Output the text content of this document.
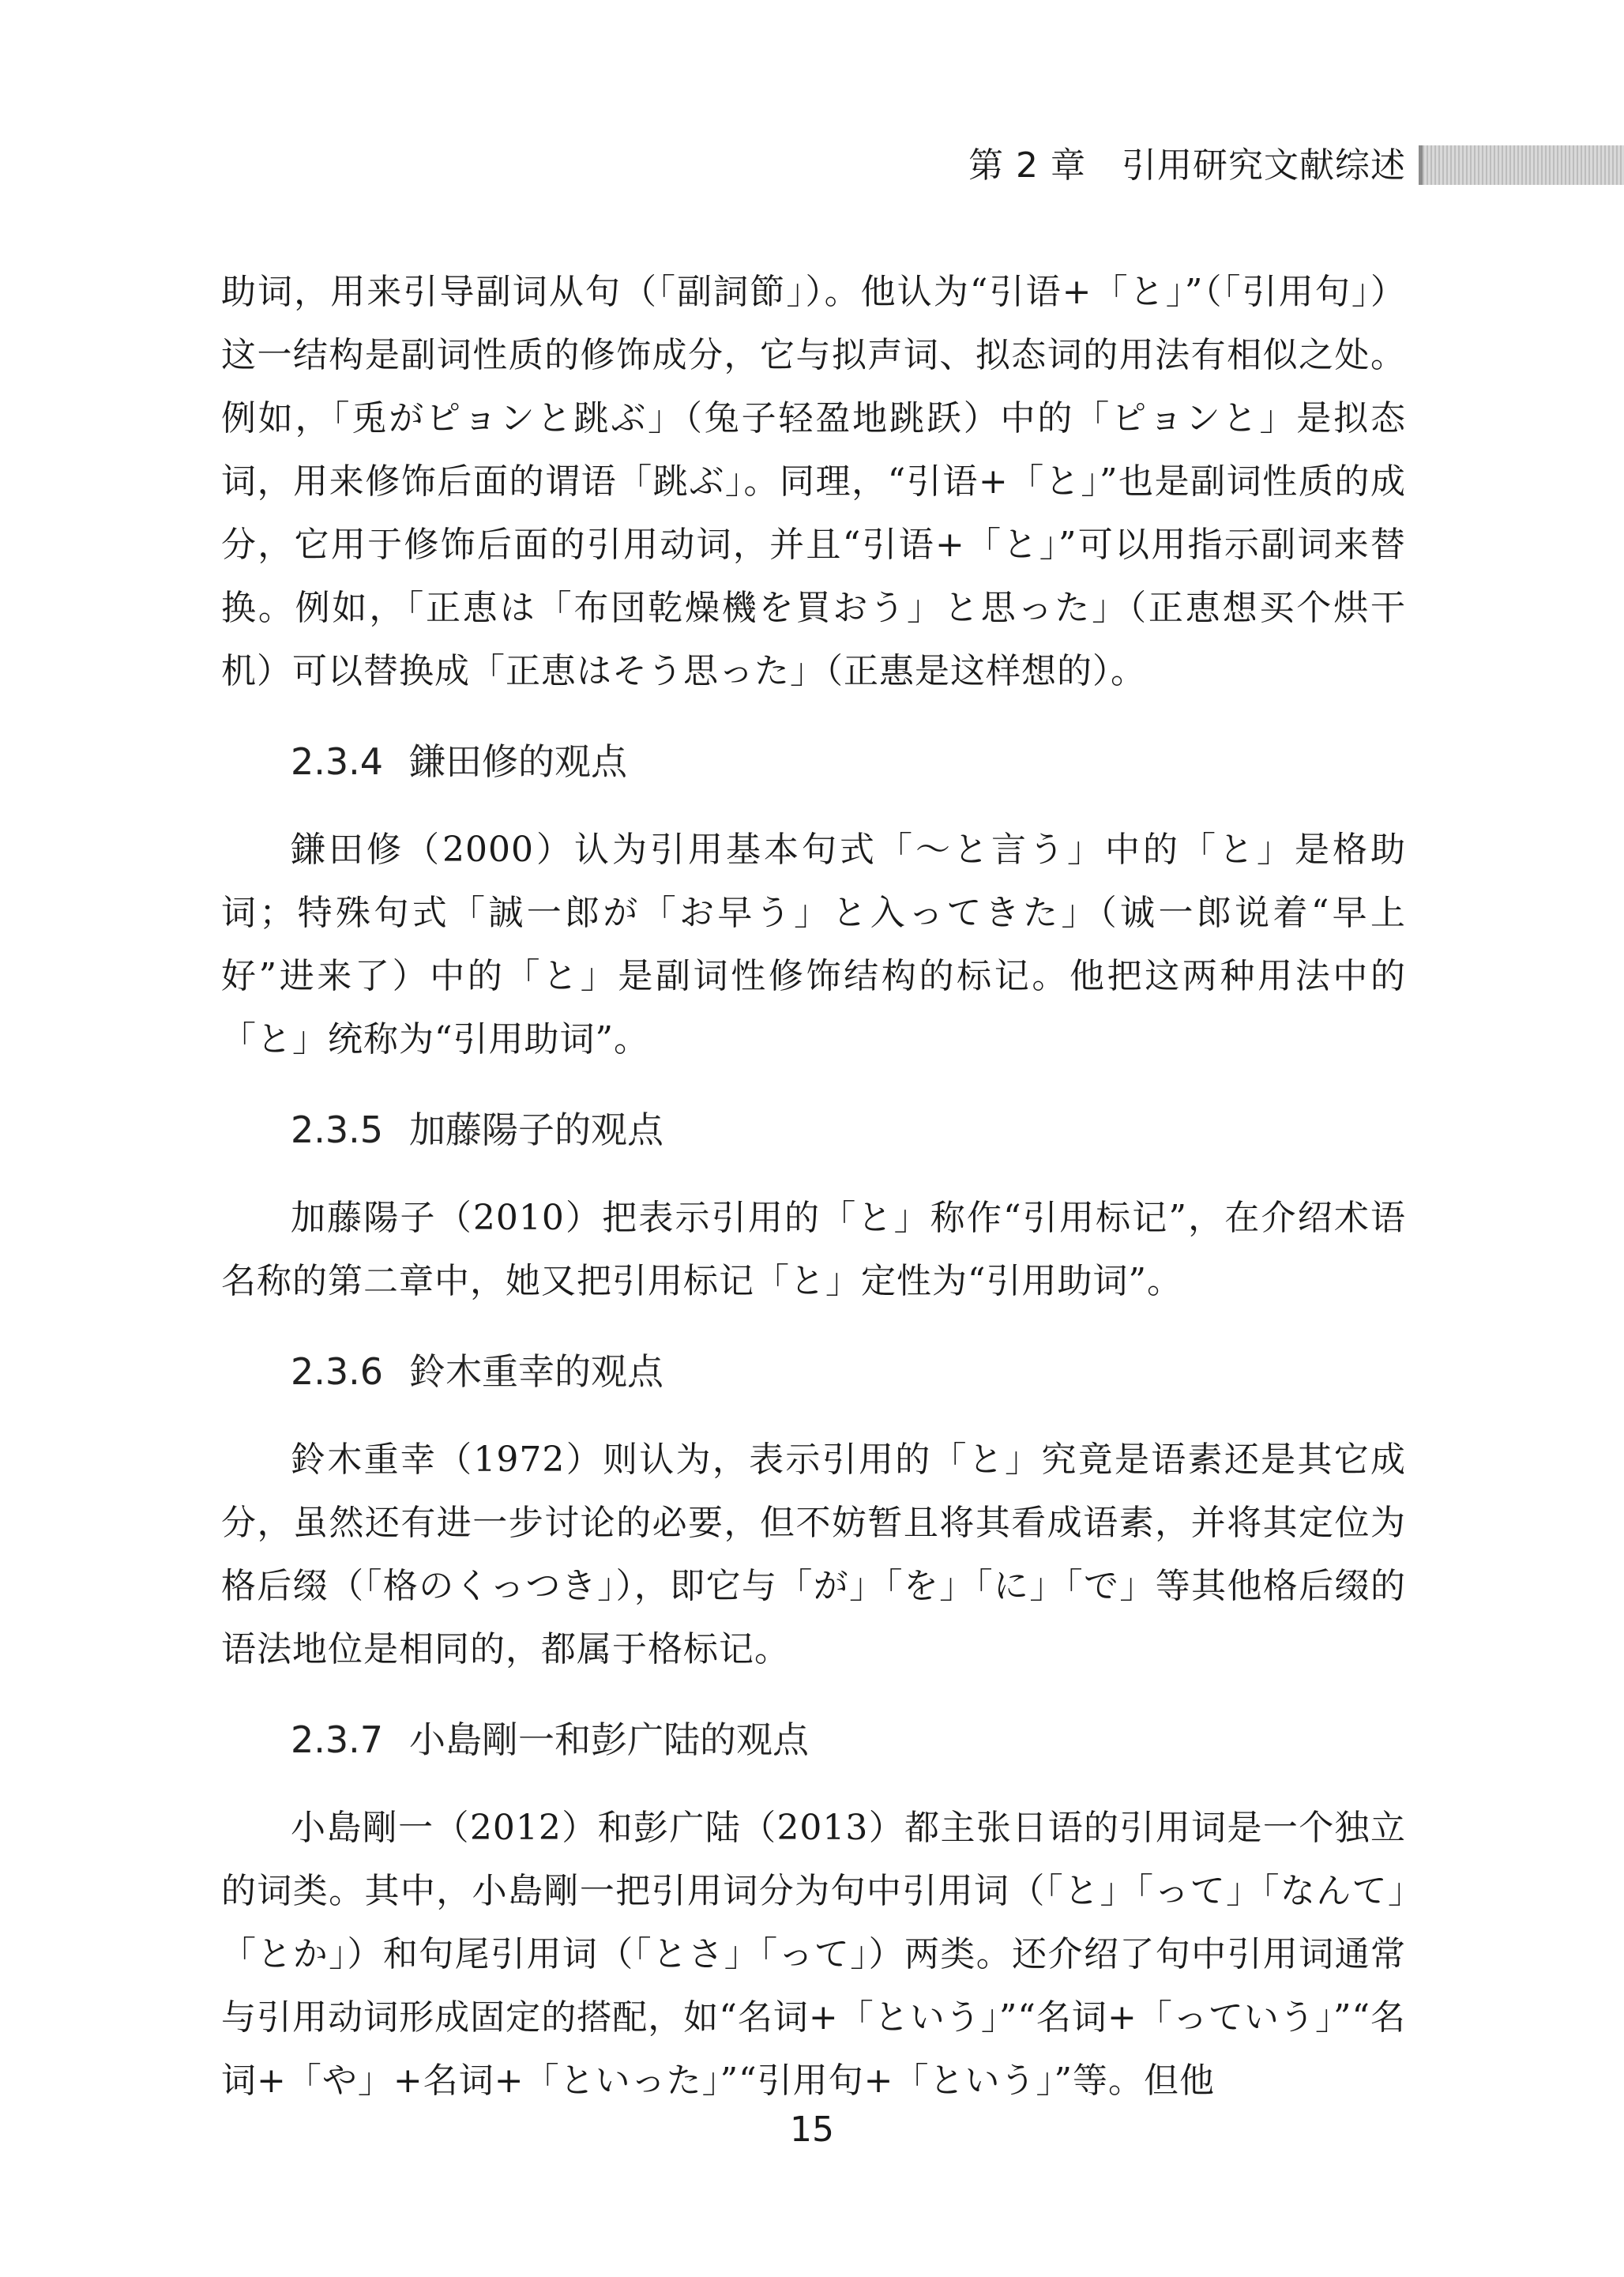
第 2 章 引用研究文献综述

助词，用来引导副词从句（「副詞節」）。他认为“引语+「と」”（「引用句」）这一结构是副词性质的修饰成分，它与拟声词、拟态词的用法有相似之处。例如，「兎がピョンと跳ぶ」（兔子轻盈地跳跃）中的「ピョンと」是拟态词，用来修饰后面的谓语「跳ぶ」。同理，“引语+「と」”也是副词性质的成分，它用于修饰后面的引用动词，并且“引语+「と」”可以用指示副词来替换。例如，「正恵は「布団乾燥機を買おう」と思った」（正恵想买个烘干机）可以替换成「正恵はそう思った」（正惠是这样想的）。

2.3.4 鎌田修的观点

鎌田修（2000）认为引用基本句式「〜と言う」中的「と」是格助词；特殊句式「誠一郎が「お早う」と入ってきた」（诚一郎说着“早上好”进来了）中的「と」是副词性修饰结构的标记。他把这两种用法中的「と」统称为“引用助词”。

2.3.5 加藤陽子的观点

加藤陽子（2010）把表示引用的「と」称作“引用标记”，在介绍术语名称的第二章中，她又把引用标记「と」定性为“引用助词”。

2.3.6 鈴木重幸的观点

鈴木重幸（1972）则认为，表示引用的「と」究竟是语素还是其它成分，虽然还有进一步讨论的必要，但不妨暂且将其看成语素，并将其定位为格后缀（「格のくっつき」），即它与「が」「を」「に」「で」等其他格后缀的语法地位是相同的，都属于格标记。

2.3.7 小島剛一和彭广陆的观点

小島剛一（2012）和彭广陆（2013）都主张日语的引用词是一个独立的词类。其中，小島剛一把引用词分为句中引用词（「と」「って」「なんて」「とか」）和句尾引用词（「とさ」「って」）两类。还介绍了句中引用词通常与引用动词形成固定的搭配，如“名词+「という」”“名词+「っていう」”“名词+「や」+名词+「といった」”“引用句+「という」”等。但他

15
